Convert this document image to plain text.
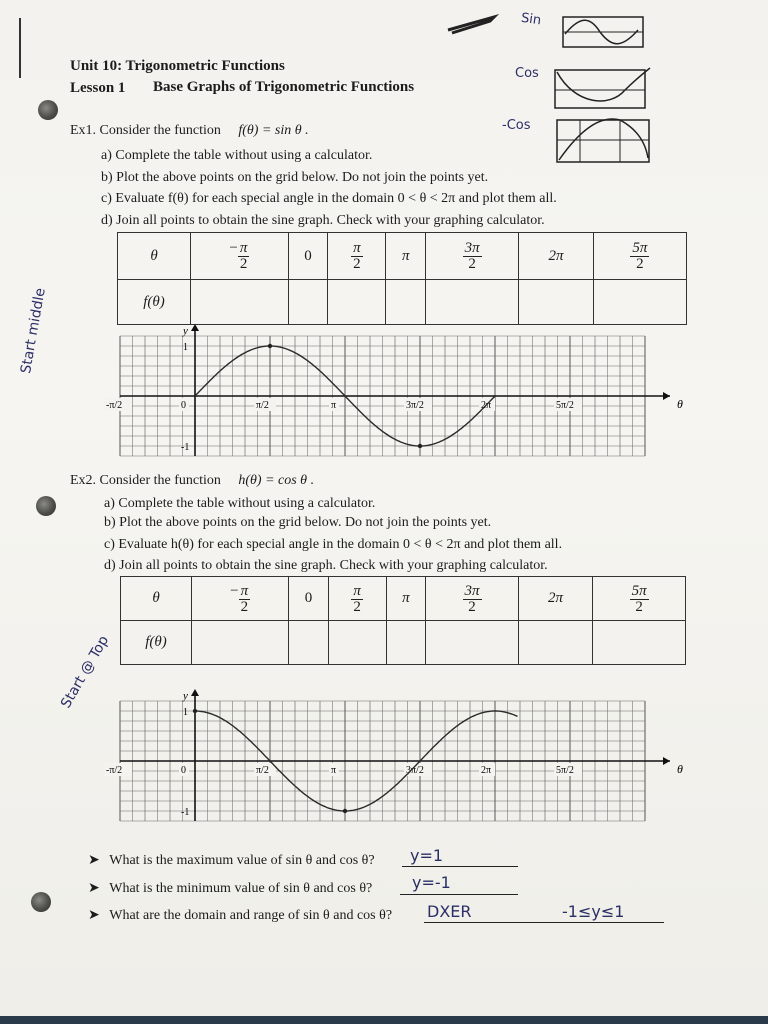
Unit 10: Trigonometric Functions
Lesson 1 Base Graphs of Trigonometric Functions
Sin
Cos
-Cos
Ex1. Consider the function f(θ) = sin θ .
a) Complete the table without using a calculator.
b) Plot the above points on the grid below. Do not join the points yet.
c) Evaluate f(θ) for each special angle in the domain 0 < θ < 2π and plot them all.
d) Join all points to obtain the sine graph. Check with your graphing calculator.
θ	− $\frac{\pi}{2}$	0	$\frac{\pi}{2}$	π	$\frac{3\pi}{2}$	2π	$\frac{5\pi}{2}$

f(θ)							
Start middle	y
θ
1
-1
-π/2	0	π/2	π	3π/2	2π	5π/2
Ex2. Consider the function h(θ) = cos θ .
a) Complete the table without using a calculator.
b) Plot the above points on the grid below. Do not join the points yet.
c) Evaluate h(θ) for each special angle in the domain 0 < θ < 2π and plot them all.
d) Join all points to obtain the sine graph. Check with your graphing calculator.
θ	− $\frac{\pi}{2}$	0	$\frac{\pi}{2}$	π	$\frac{3\pi}{2}$	2π	$\frac{5\pi}{2}$

f(θ)							
Start @ Top	y
θ
1
-1
-π/2	0	π/2	π	3π/2	2π	5π/2
➤ What is the maximum value of sin θ and cos θ? y=1
➤ What is the minimum value of sin θ and cos θ? y=-1
➤ What are the domain and range of sin θ and cos θ? DXER	-1≤y≤1
